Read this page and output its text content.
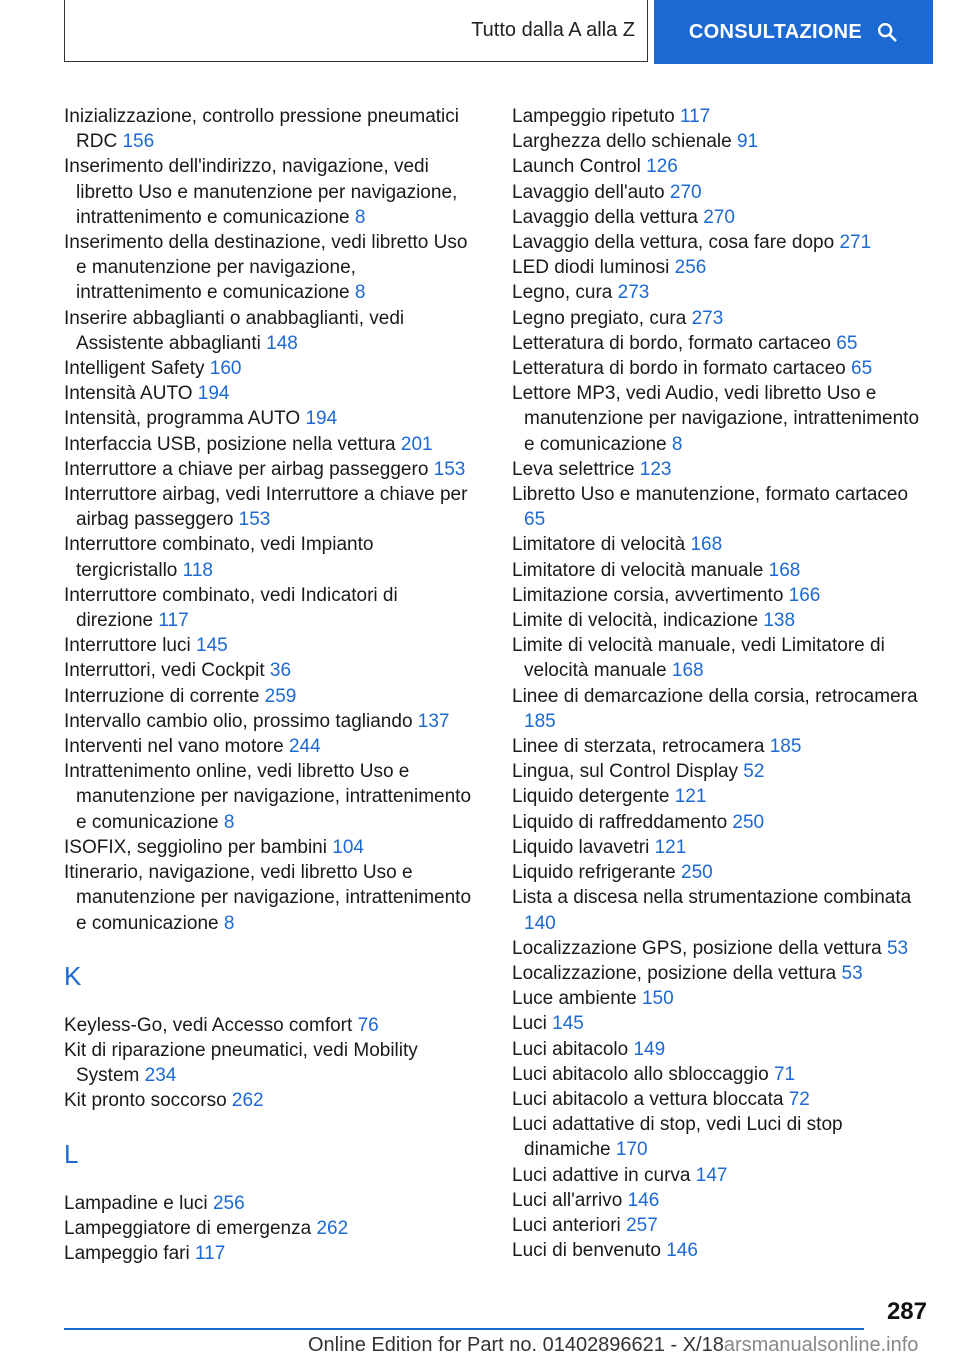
Tutto dalla A alla Z	CONSULTAZIONE
Inizializzazione, controllo pressione pneumatici RDC 156
Inserimento dell'indirizzo, navigazione, vedi libretto Uso e manutenzione per navigazione, intrattenimento e comunicazione 8
Inserimento della destinazione, vedi libretto Uso e manutenzione per navigazione, intrattenimento e comunicazione 8
Inserire abbaglianti o anabbaglianti, vedi Assistente abbaglianti 148
Intelligent Safety 160
Intensità AUTO 194
Intensità, programma AUTO 194
Interfaccia USB, posizione nella vettura 201
Interruttore a chiave per airbag passeggero 153
Interruttore airbag, vedi Interruttore a chiave per airbag passeggero 153
Interruttore combinato, vedi Impianto tergicristallo 118
Interruttore combinato, vedi Indicatori di direzione 117
Interruttore luci 145
Interruttori, vedi Cockpit 36
Interruzione di corrente 259
Intervallo cambio olio, prossimo tagliando 137
Interventi nel vano motore 244
Intrattenimento online, vedi libretto Uso e manutenzione per navigazione, intrattenimento e comunicazione 8
ISOFIX, seggiolino per bambini 104
Itinerario, navigazione, vedi libretto Uso e manutenzione per navigazione, intrattenimento e comunicazione 8
K
Keyless-Go, vedi Accesso comfort 76
Kit di riparazione pneumatici, vedi Mobility System 234
Kit pronto soccorso 262
L
Lampadine e luci 256
Lampeggiatore di emergenza 262
Lampeggio fari 117
Lampeggio ripetuto 117
Larghezza dello schienale 91
Launch Control 126
Lavaggio dell'auto 270
Lavaggio della vettura 270
Lavaggio della vettura, cosa fare dopo 271
LED diodi luminosi 256
Legno, cura 273
Legno pregiato, cura 273
Letteratura di bordo, formato cartaceo 65
Letteratura di bordo in formato cartaceo 65
Lettore MP3, vedi Audio, vedi libretto Uso e manutenzione per navigazione, intrattenimento e comunicazione 8
Leva selettrice 123
Libretto Uso e manutenzione, formato cartaceo 65
Limitatore di velocità 168
Limitatore di velocità manuale 168
Limitazione corsia, avvertimento 166
Limite di velocità, indicazione 138
Limite di velocità manuale, vedi Limitatore di velocità manuale 168
Linee di demarcazione della corsia, retrocamera 185
Linee di sterzata, retrocamera 185
Lingua, sul Control Display 52
Liquido detergente 121
Liquido di raffreddamento 250
Liquido lavavetri 121
Liquido refrigerante 250
Lista a discesa nella strumentazione combinata 140
Localizzazione GPS, posizione della vettura 53
Localizzazione, posizione della vettura 53
Luce ambiente 150
Luci 145
Luci abitacolo 149
Luci abitacolo allo sbloccaggio 71
Luci abitacolo a vettura bloccata 72
Luci adattative di stop, vedi Luci di stop dinamiche 170
Luci adattive in curva 147
Luci all'arrivo 146
Luci anteriori 257
Luci di benvenuto 146
287
Online Edition for Part no. 01402896621 - X/18arsmanualsonline.info
